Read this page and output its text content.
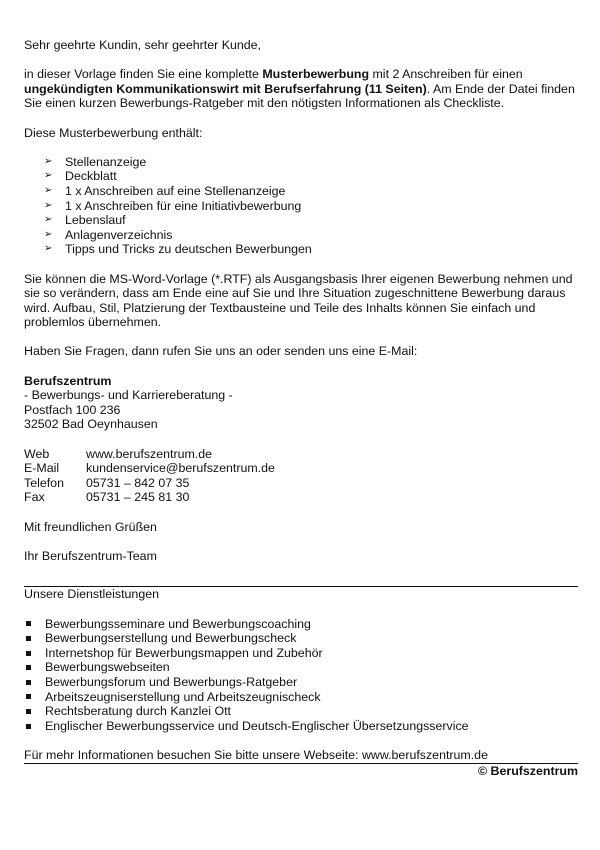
Sehr geehrte Kundin, sehr geehrter Kunde,

in dieser Vorlage finden Sie eine komplette Musterbewerbung mit 2 Anschreiben für einen ungekündigten Kommunikationswirt mit Berufserfahrung (11 Seiten). Am Ende der Datei finden Sie einen kurzen Bewerbungs-Ratgeber mit den nötigsten Informationen als Checkliste.

Diese Musterbewerbung enthält:

➢	Stellenanzeige
➢	Deckblatt
➢	1 x Anschreiben auf eine Stellenanzeige
➢	1 x Anschreiben für eine Initiativbewerbung
➢	Lebenslauf
➢	Anlagenverzeichnis
➢	Tipps und Tricks zu deutschen Bewerbungen

Sie können die MS-Word-Vorlage (*.RTF) als Ausgangsbasis Ihrer eigenen Bewerbung nehmen und sie so verändern, dass am Ende eine auf Sie und Ihre Situation zugeschnittene Bewerbung daraus wird. Aufbau, Stil, Platzierung der Textbausteine und Teile des Inhalts können Sie einfach und problemlos übernehmen.

Haben Sie Fragen, dann rufen Sie uns an oder senden uns eine E-Mail:

Berufszentrum

- Bewerbungs- und Karriereberatung -

Postfach 100 236

32502 Bad Oeynhausen

Web	www.berufszentrum.de
E-Mail	kundenservice@berufszentrum.de
Telefon	05731 – 842 07 35
Fax	05731 – 245 81 30

Mit freundlichen Grüßen

Ihr Berufszentrum-Team

Unsere Dienstleistungen

Bewerbungsseminare und Bewerbungscoaching
Bewerbungserstellung und Bewerbungscheck
Internetshop für Bewerbungsmappen und Zubehör
Bewerbungswebseiten
Bewerbungsforum und Bewerbungs-Ratgeber
Arbeitszeugniserstellung und Arbeitszeugnischeck
Rechtsberatung durch Kanzlei Ott
Englischer Bewerbungsservice und Deutsch-Englischer Übersetzungsservice

Für mehr Informationen besuchen Sie bitte unsere Webseite: www.berufszentrum.de

© Berufszentrum
